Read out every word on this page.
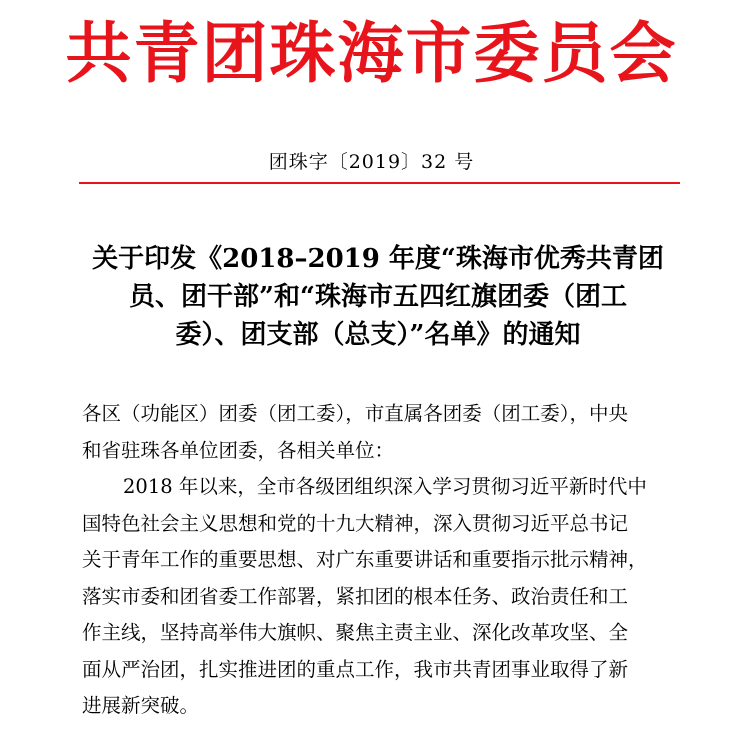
共青团珠海市委员会
团珠字〔2019〕32 号
关于印发《2018–2019 年度“珠海市优秀共青团
员、团干部”和“珠海市五四红旗团委（团工
委）、团支部（总支）”名单》的通知
各区（功能区）团委（团工委），市直属各团委（团工委），中央
和省驻珠各单位团委，各相关单位：
2018 年以来，全市各级团组织深入学习贯彻习近平新时代中
国特色社会主义思想和党的十九大精神，深入贯彻习近平总书记
关于青年工作的重要思想、对广东重要讲话和重要指示批示精神，
落实市委和团省委工作部署，紧扣团的根本任务、政治责任和工
作主线，坚持高举伟大旗帜、聚焦主责主业、深化改革攻坚、全
面从严治团，扎实推进团的重点工作，我市共青团事业取得了新
进展新突破。
